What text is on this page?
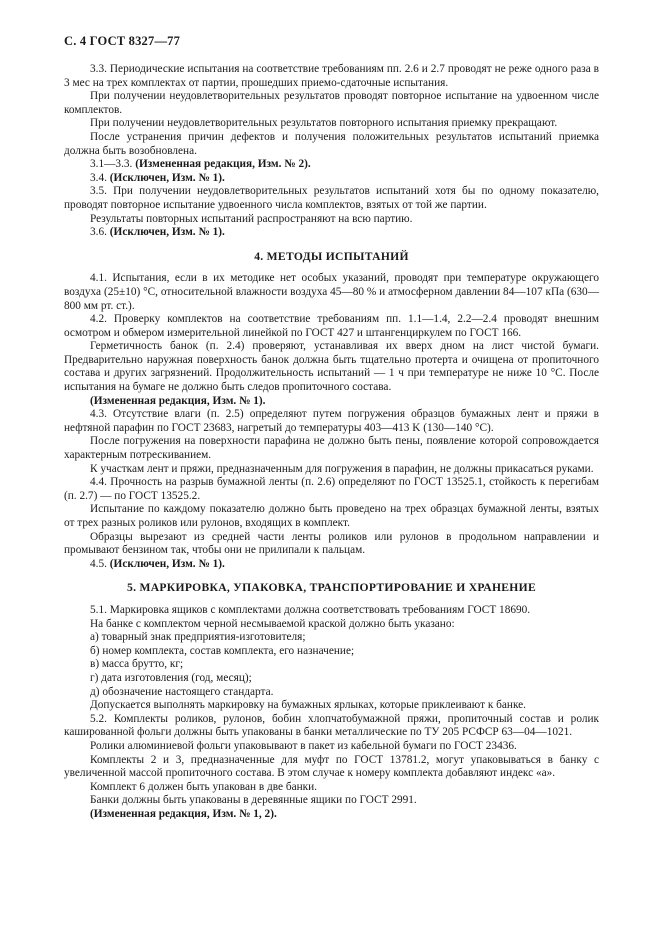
С. 4 ГОСТ 8327—77

3.3. Периодические испытания на соответствие требованиям пп. 2.6 и 2.7 проводят не реже одного раза в 3 мес на трех комплектах от партии, прошедших приемо-сдаточные испытания.

При получении неудовлетворительных результатов проводят повторное испытание на удвоенном числе комплектов.

При получении неудовлетворительных результатов повторного испытания приемку прекращают.

После устранения причин дефектов и получения положительных результатов испытаний приемка должна быть возобновлена.

3.1—3.3. (Измененная редакция, Изм. № 2).

3.4. (Исключен, Изм. № 1).

3.5. При получении неудовлетворительных результатов испытаний хотя бы по одному показателю, проводят повторное испытание удвоенного числа комплектов, взятых от той же партии.

Результаты повторных испытаний распространяют на всю партию.

3.6. (Исключен, Изм. № 1).

4. МЕТОДЫ ИСПЫТАНИЙ

4.1. Испытания, если в их методике нет особых указаний, проводят при температуре окружающего воздуха (25±10) °С, относительной влажности воздуха 45—80 % и атмосферном давлении 84—107 кПа (630—800 мм рт. ст.).

4.2. Проверку комплектов на соответствие требованиям пп. 1.1—1.4, 2.2—2.4 проводят внешним осмотром и обмером измерительной линейкой по ГОСТ 427 и штангенциркулем по ГОСТ 166.

Герметичность банок (п. 2.4) проверяют, устанавливая их вверх дном на лист чистой бумаги. Предварительно наружная поверхность банок должна быть тщательно протерта и очищена от пропиточного состава и других загрязнений. Продолжительность испытаний — 1 ч при температуре не ниже 10 °С. После испытания на бумаге не должно быть следов пропиточного состава.

(Измененная редакция, Изм. № 1).

4.3. Отсутствие влаги (п. 2.5) определяют путем погружения образцов бумажных лент и пряжи в нефтяной парафин по ГОСТ 23683, нагретый до температуры 403—413 K (130—140 °С).

После погружения на поверхности парафина не должно быть пены, появление которой сопровождается характерным потрескиванием.

К участкам лент и пряжи, предназначенным для погружения в парафин, не должны прикасаться руками.

4.4. Прочность на разрыв бумажной ленты (п. 2.6) определяют по ГОСТ 13525.1, стойкость к перегибам (п. 2.7) — по ГОСТ 13525.2.

Испытание по каждому показателю должно быть проведено на трех образцах бумажной ленты, взятых от трех разных роликов или рулонов, входящих в комплект.

Образцы вырезают из средней части ленты роликов или рулонов в продольном направлении и промывают бензином так, чтобы они не прилипали к пальцам.

4.5. (Исключен, Изм. № 1).

5. МАРКИРОВКА, УПАКОВКА, ТРАНСПОРТИРОВАНИЕ И ХРАНЕНИЕ

5.1. Маркировка ящиков с комплектами должна соответствовать требованиям ГОСТ 18690.

На банке с комплектом черной несмываемой краской должно быть указано:

а) товарный знак предприятия-изготовителя;

б) номер комплекта, состав комплекта, его назначение;

в) масса брутто, кг;

г) дата изготовления (год, месяц);

д) обозначение настоящего стандарта.

Допускается выполнять маркировку на бумажных ярлыках, которые приклеивают к банке.

5.2. Комплекты роликов, рулонов, бобин хлопчатобумажной пряжи, пропиточный состав и ролик кашированной фольги должны быть упакованы в банки металлические по ТУ 205 РСФСР 63—04—1021.

Ролики алюминиевой фольги упаковывают в пакет из кабельной бумаги по ГОСТ 23436.

Комплекты 2 и 3, предназначенные для муфт по ГОСТ 13781.2, могут упаковываться в банку с увеличенной массой пропиточного состава. В этом случае к номеру комплекта добавляют индекс «а».

Комплект 6 должен быть упакован в две банки.

Банки должны быть упакованы в деревянные ящики по ГОСТ 2991.

(Измененная редакция, Изм. № 1, 2).
